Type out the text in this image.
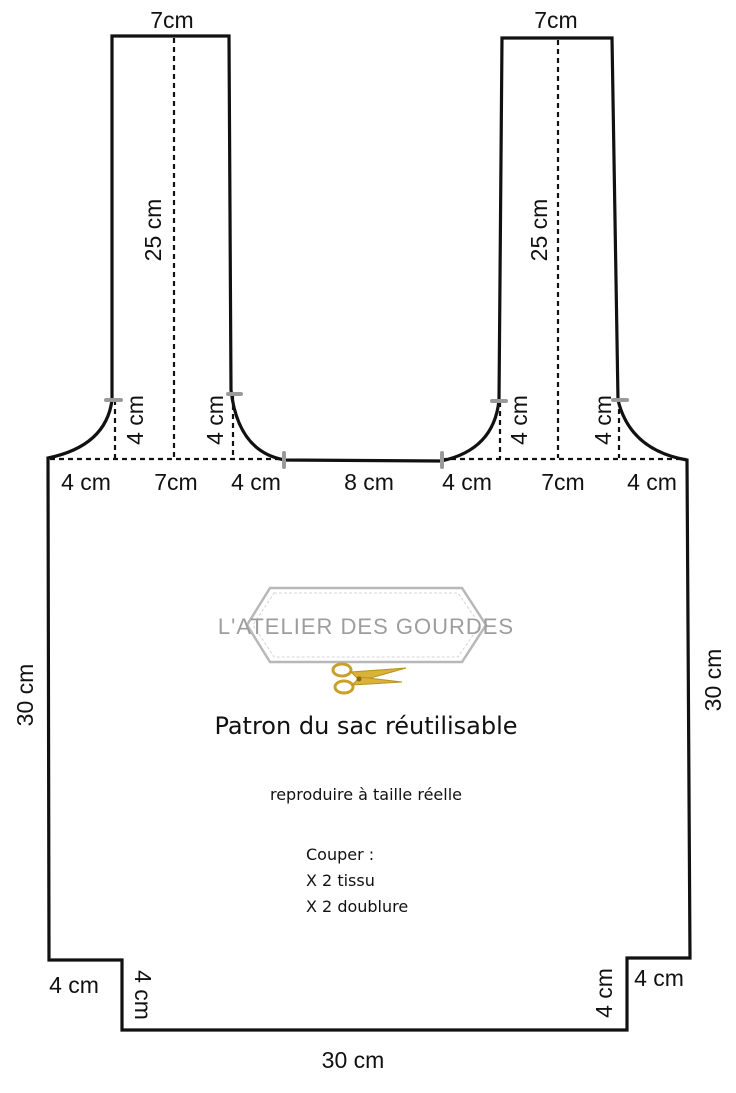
7cm	7cm
25 cm	25 cm
4 cm 4 cm	4 cm	4 cm
4 cm 7cm 4 cm	8 cm 4 cm 7cm 4 cm
30 cm	30 cm
4 cm 4 cm	4 cm 4 cm
30 cm
L'ATELIER DES GOURDES
Patron du sac réutilisable
reproduire à taille réelle
Couper :
X 2 tissu
X 2 doublure
